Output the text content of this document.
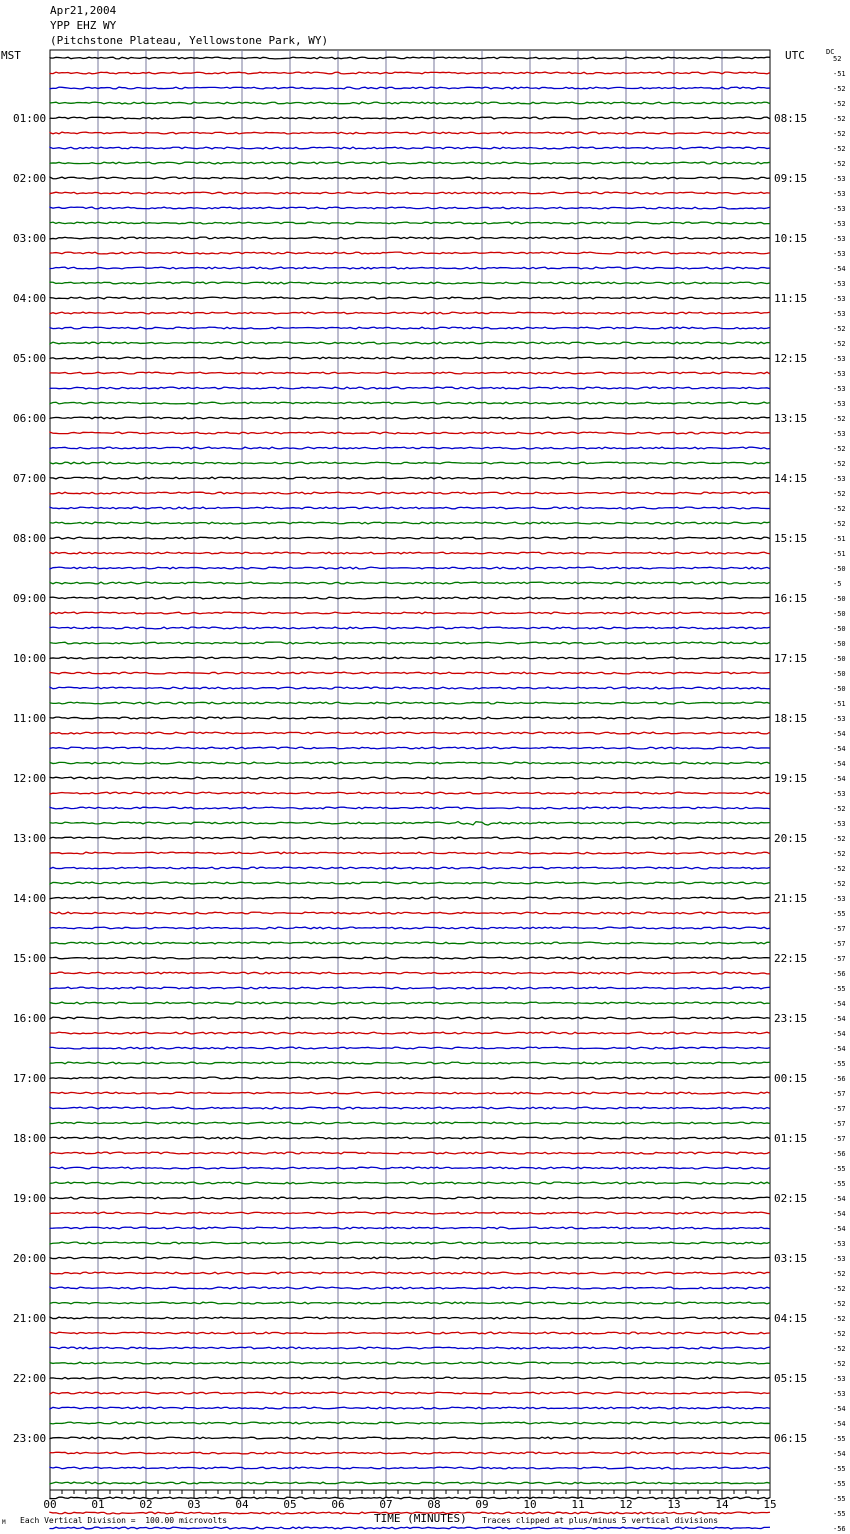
Apr21,2004
YPP EHZ WY
(Pitchstone Plateau, Yellowstone Park, WY)
MST	UTC	DC
52
-51
-52
-52
-52
-52
-52
-52
-53
-53
-53
-53
-53
-53
-54
-53
-53
-53
-52
-52
-53
-53
-53
-53
-52
-53
-52
-52
-53
-52
-52
-52
-51
-51
-50
-5
-50
-50
-50
-50
-50
-50
-50
-51
-53
-54
-54
-54
-54
-53
-52
-53
-52
-52
-52
-52
-53
-55
-57
-57
-57
-56
-55
-54
-54
-54
-54
-55
-56
-57
-57
-57
-57
-56
-55
-55
-54
-54
-54
-53
-53
-52
-52
-52
-52
-52
-52
-52
-53
-53
-54
-54
-55
-54
-55
-55
-55
-55
-56
01:00	08:15
02:00	09:15
03:00	10:15
04:00	11:15
05:00	12:15
06:00	13:15
07:00	14:15
08:00	15:15
09:00	16:15
10:00	17:15
11:00	18:15
12:00	19:15
13:00	20:15
14:00	21:15
15:00	22:15
16:00	23:15
17:00	00:15
18:00	01:15
19:00	02:15
20:00	03:15
21:00	04:15
22:00	05:15
23:00	06:15
00	01	02	03	04	05	06	07	08	09	10	11	12	13	14	15
M Each Vertical Division =  100.00 microvolts	TIME (MINUTES) Traces clipped at plus/minus 5 vertical divisions
